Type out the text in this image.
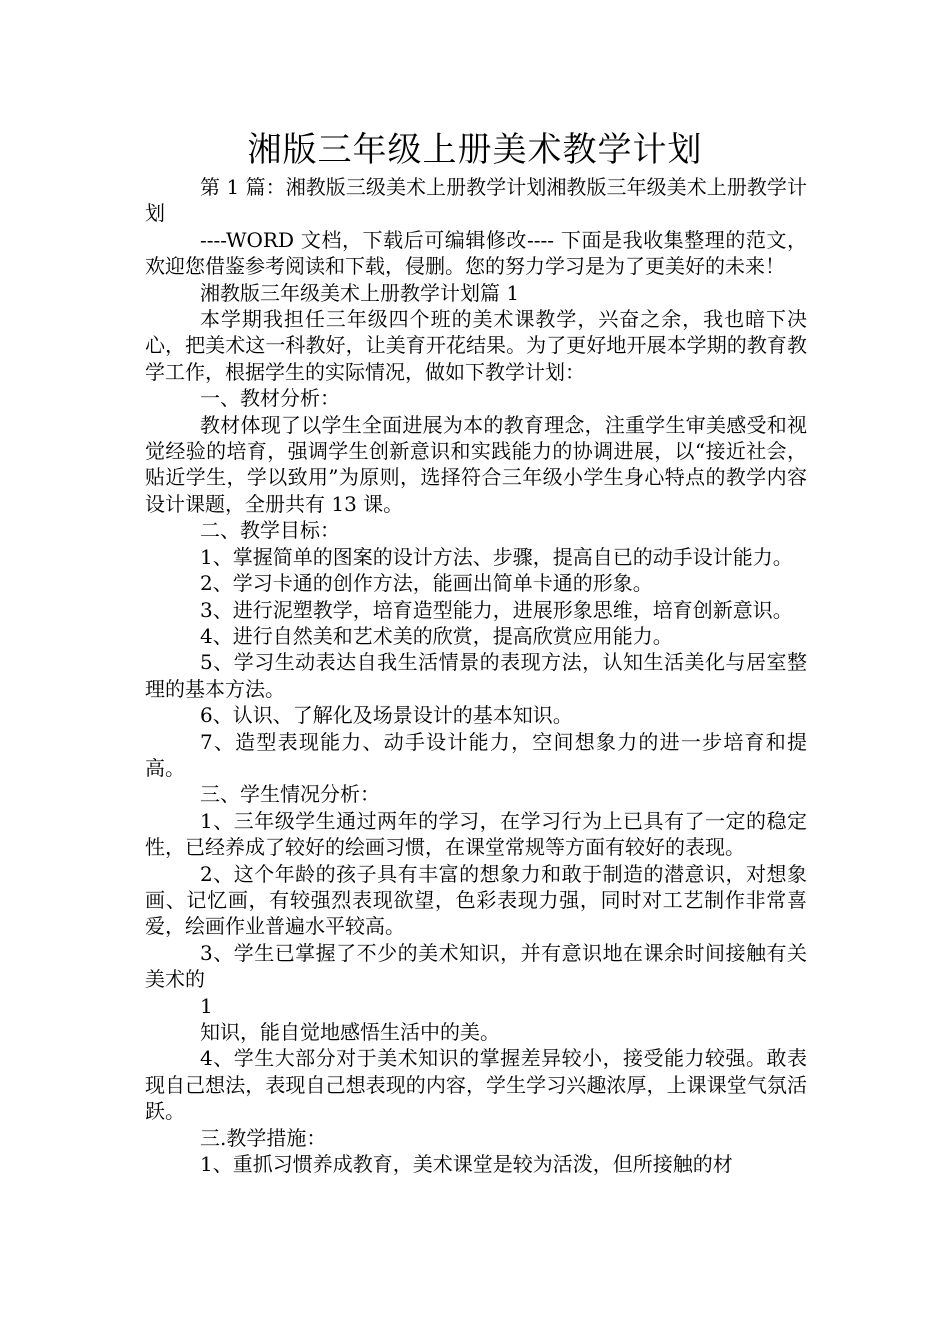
湘版三年级上册美术教学计划

第 1 篇：湘教版三级美术上册教学计划湘教版三年级美术上册教学计划

----WORD 文档，下载后可编辑修改---- 下面是我收集整理的范文，欢迎您借鉴参考阅读和下载，侵删。您的努力学习是为了更美好的未来！

湘教版三年级美术上册教学计划篇 1

本学期我担任三年级四个班的美术课教学，兴奋之余，我也暗下决心，把美术这一科教好，让美育开花结果。为了更好地开展本学期的教育教学工作，根据学生的实际情况，做如下教学计划：

一、教材分析：

教材体现了以学生全面进展为本的教育理念，注重学生审美感受和视觉经验的培育，强调学生创新意识和实践能力的协调进展，以“接近社会，贴近学生，学以致用”为原则，选择符合三年级小学生身心特点的教学内容设计课题，全册共有 13 课。

二、教学目标：

1、掌握简单的图案的设计方法、步骤，提高自已的动手设计能力。

2、学习卡通的创作方法，能画出简单卡通的形象。

3、进行泥塑教学，培育造型能力，进展形象思维，培育创新意识。

4、进行自然美和艺术美的欣赏，提高欣赏应用能力。

5、学习生动表达自我生活情景的表现方法，认知生活美化与居室整理的基本方法。

6、认识、了解化及场景设计的基本知识。

7、造型表现能力、动手设计能力，空间想象力的进一步培育和提高。

三、学生情况分析：

1、三年级学生通过两年的学习，在学习行为上已具有了一定的稳定性，已经养成了较好的绘画习惯，在课堂常规等方面有较好的表现。

2、这个年龄的孩子具有丰富的想象力和敢于制造的潜意识，对想象画、记忆画，有较强烈表现欲望，色彩表现力强，同时对工艺制作非常喜爱，绘画作业普遍水平较高。

3、学生已掌握了不少的美术知识，并有意识地在课余时间接触有关美术的

1

知识，能自觉地感悟生活中的美。

4、学生大部分对于美术知识的掌握差异较小，接受能力较强。敢表现自己想法，表现自己想表现的内容，学生学习兴趣浓厚，上课课堂气氛活跃。

三.教学措施：

1、重抓习惯养成教育，美术课堂是较为活泼，但所接触的材
